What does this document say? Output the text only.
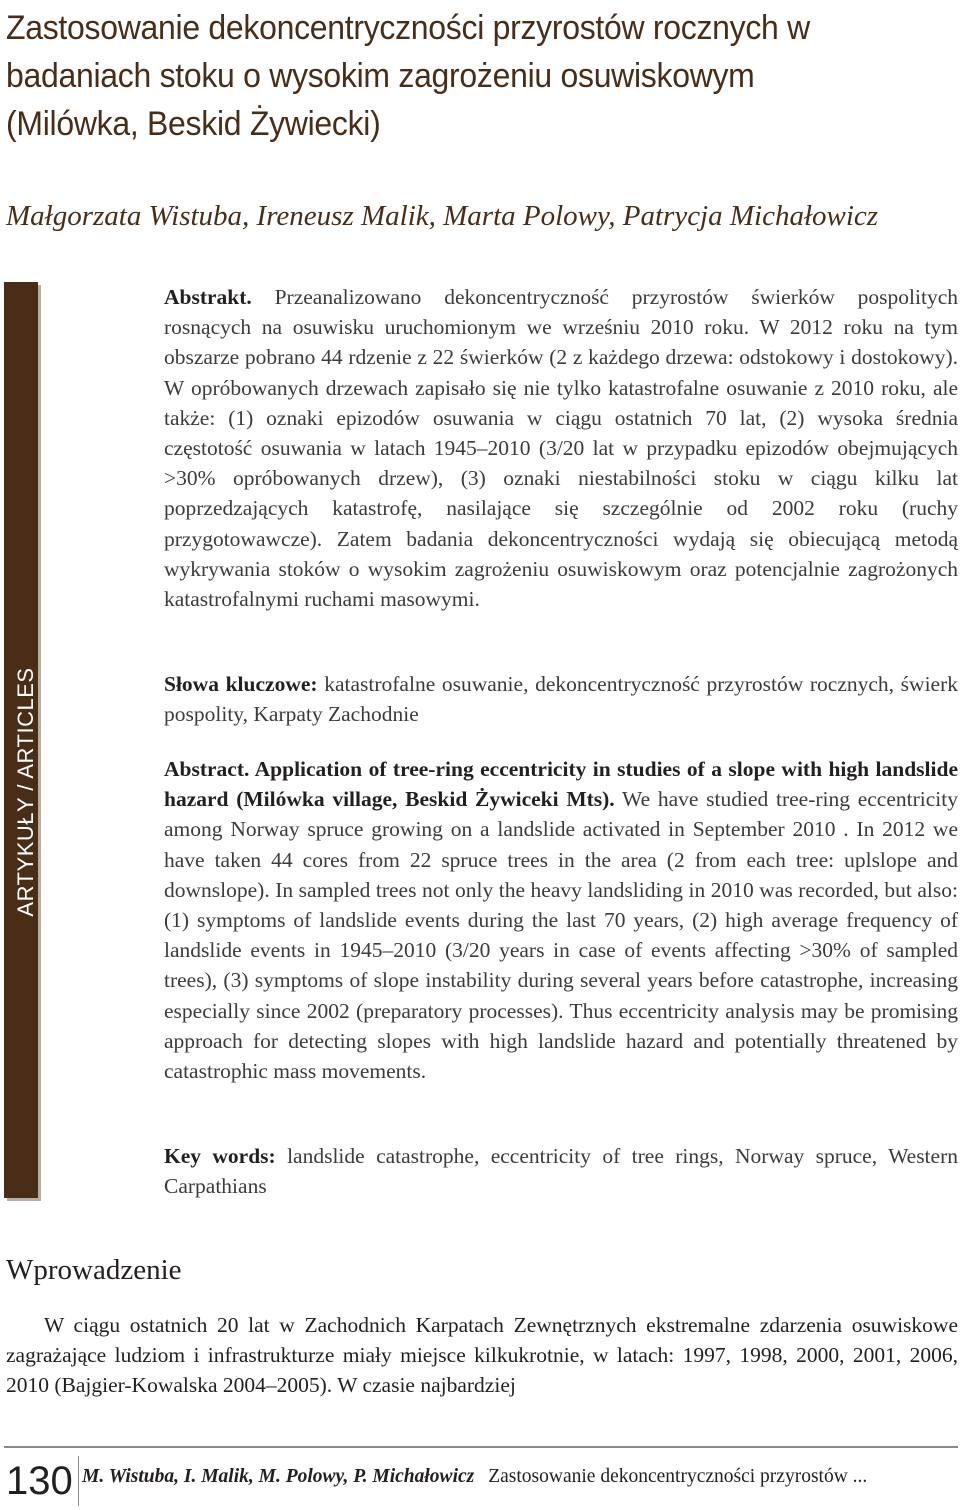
Zastosowanie dekoncentryczności przyrostów rocznych w badaniach stoku o wysokim zagrożeniu osuwiskowym (Milówka, Beskid Żywiecki)
Małgorzata Wistuba, Ireneusz Malik, Marta Polowy, Patrycja Michałowicz
ARTYKUŁY / ARTICLES

Abstrakt. Przeanalizowano dekoncentryczność przyrostów świerków pospolitych rosnących na osuwisku uruchomionym we wrześniu 2010 roku. W 2012 roku na tym obszarze pobrano 44 rdzenie z 22 świerków (2 z każdego drzewa: odstokowy i dostokowy). W opróbowanych drzewach zapisało się nie tylko katastrofalne osuwanie z 2010 roku, ale także: (1) oznaki epizodów osuwania w ciągu ostatnich 70 lat, (2) wysoka średnia częstotość osuwania w latach 1945–2010 (3/20 lat w przypadku epizodów obejmujących >30% opróbowanych drzew), (3) oznaki niestabilności stoku w ciągu kilku lat poprzedzających katastrofę, nasilające się szczególnie od 2002 roku (ruchy przygotowawcze). Zatem badania dekoncentryczności wydają się obiecującą metodą wykrywania stoków o wysokim zagrożeniu osuwiskowym oraz potencjalnie zagrożonych katastrofalnymi ruchami masowymi.

Słowa kluczowe: katastrofalne osuwanie, dekoncentryczność przyrostów rocznych, świerk pospolity, Karpaty Zachodnie

Abstract. Application of tree-ring eccentricity in studies of a slope with high landslide hazard (Milówka village, Beskid Żywiceki Mts). We have studied tree-ring eccentricity among Norway spruce growing on a landslide activated in September 2010 . In 2012 we have taken 44 cores from 22 spruce trees in the area (2 from each tree: uplslope and downslope). In sampled trees not only the heavy landsliding in 2010 was recorded, but also: (1) symptoms of landslide events during the last 70 years, (2) high average frequency of landslide events in 1945–2010 (3/20 years in case of events affecting >30% of sampled trees), (3) symptoms of slope instability during several years before catastrophe, increasing especially since 2002 (preparatory processes). Thus eccentricity analysis may be promising approach for detecting slopes with high landslide hazard and potentially threatened by catastrophic mass movements.

Key words: landslide catastrophe, eccentricity of tree rings, Norway spruce, Western Carpathians

Wprowadzenie

W ciągu ostatnich 20 lat w Zachodnich Karpatach Zewnętrznych ekstremalne zdarzenia osuwiskowe zagrażające ludziom i infrastrukturze miały miejsce kilkukrotnie, w latach: 1997, 1998, 2000, 2001, 2006, 2010 (Bajgier-Kowalska 2004–2005). W czasie najbardziej

130 M. Wistuba, I. Malik, M. Polowy, P. Michałowicz Zastosowanie dekoncentryczności przyrostów ...
